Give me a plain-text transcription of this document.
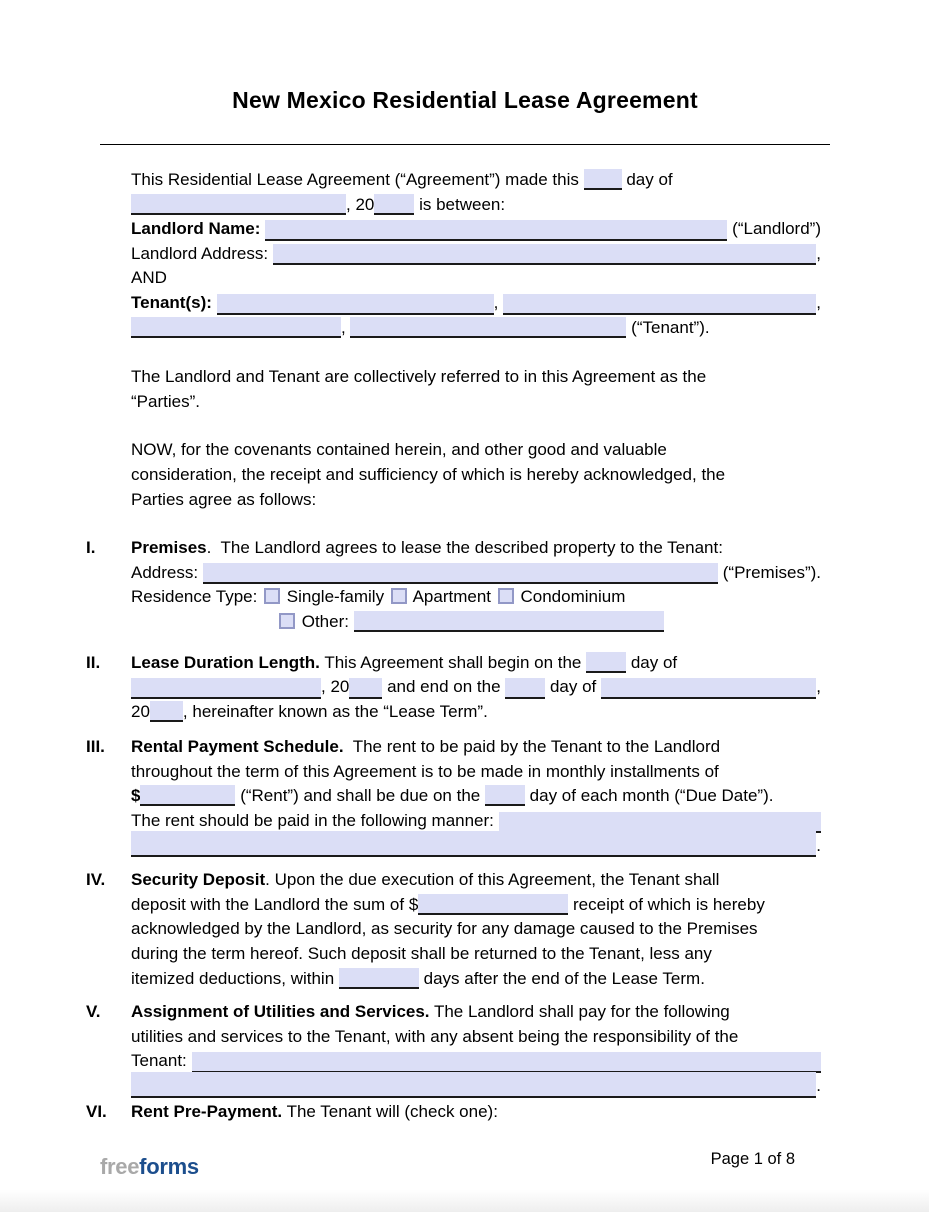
New Mexico Residential Lease Agreement
This Residential Lease Agreement (“Agreement”) made this  day of
, 20 is between:
Landlord Name:	(“Landlord”)
Landlord Address:	,
AND
Tenant(s):	,	,
,	(“Tenant”).
The Landlord and Tenant are collectively referred to in this Agreement as the
“Parties”.
NOW, for the covenants contained herein, and other good and valuable
consideration, the receipt and sufficiency of which is hereby acknowledged, the
Parties agree as follows:
I. Premises.  The Landlord agrees to lease the described property to the Tenant:
Address:	(“Premises”).
Residence Type:  Single-family  Apartment  Condominium
Other:
II. Lease Duration Length. This Agreement shall begin on the  day of
, 20 and end on the day of	,
20 , hereinafter known as the “Lease Term”.
III. Rental Payment Schedule.  The rent to be paid by the Tenant to the Landlord
throughout the term of this Agreement is to be made in monthly installments of
$	(“Rent”) and shall be due on the  day of each month (“Due Date”).
The rent should be paid in the following manner:
.
IV. Security Deposit. Upon the due execution of this Agreement, the Tenant shall
deposit with the Landlord the sum of $	receipt of which is hereby
acknowledged by the Landlord, as security for any damage caused to the Premises
during the term hereof. Such deposit shall be returned to the Tenant, less any
itemized deductions, within	days after the end of the Lease Term.
V. Assignment of Utilities and Services. The Landlord shall pay for the following
utilities and services to the Tenant, with any absent being the responsibility of the
Tenant:
.
VI. Rent Pre-Payment. The Tenant will (check one):
freeforms	Page 1 of 8
